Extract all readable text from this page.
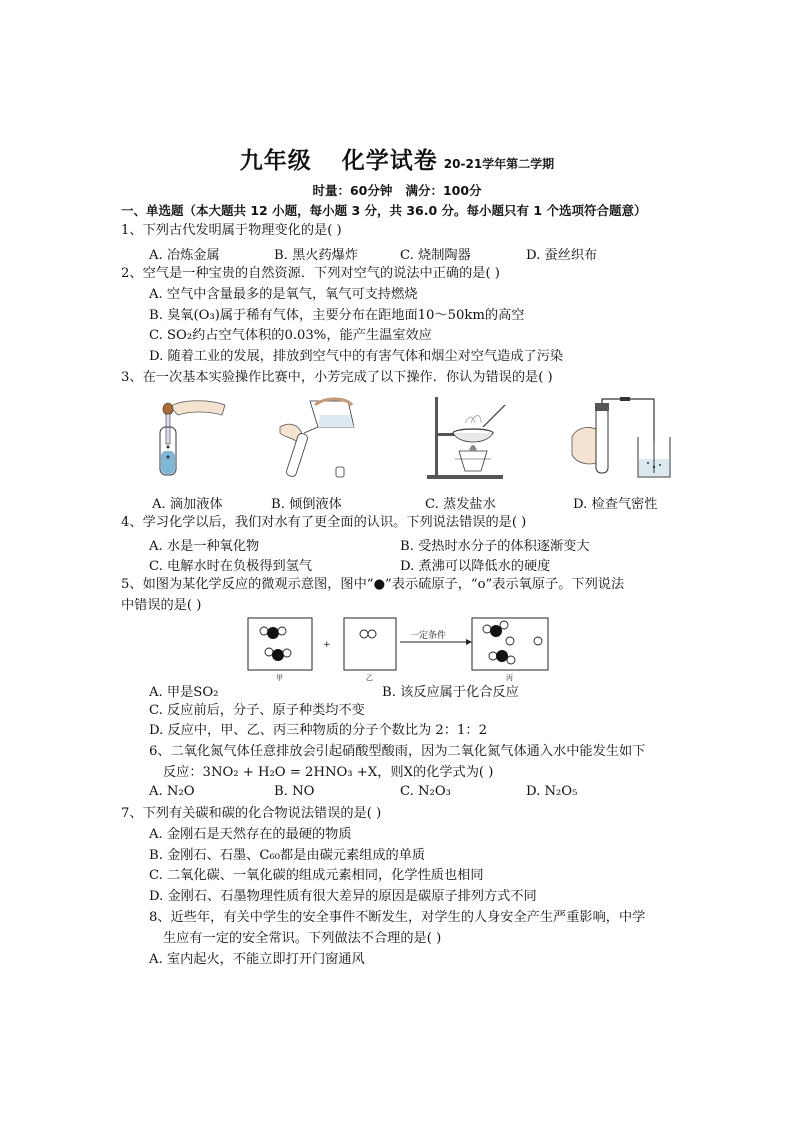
九年级 化学试卷 20-21学年第二学期
时量：60分钟 满分：100分
一、单选题（本大题共 12 小题，每小题 3 分，共 36.0 分。每小题只有 1 个选项符合题意）
1、下列古代发明属于物理变化的是( )
A. 冶炼金属	B. 黑火药爆炸	C. 烧制陶器	D. 蚕丝织布
2、空气是一种宝贵的自然资源．下列对空气的说法中正确的是( )
A. 空气中含量最多的是氧气，氧气可支持燃烧
B. 臭氧(O₃)属于稀有气体，主要分布在距地面10～50km的高空
C. SO₂约占空气体积的0.03%，能产生温室效应
D. 随着工业的发展，排放到空气中的有害气体和烟尘对空气造成了污染
3、在一次基本实验操作比赛中，小芳完成了以下操作．你认为错误的是( )
A. 滴加液体	B. 倾倒液体	C. 蒸发盐水	D. 检查气密性
4、学习化学以后，我们对水有了更全面的认识。下列说法错误的是( )
A. 水是一种氧化物	B. 受热时水分子的体积逐渐变大
C. 电解水时在负极得到氢气	D. 煮沸可以降低水的硬度
5、如图为某化学反应的微观示意图，图中“●”表示硫原子，“o”表示氧原子。下列说法
中错误的是( )
+
一定条件
甲	乙	丙
A. 甲是SO₂	B. 该反应属于化合反应
C. 反应前后，分子、原子种类均不变
D. 反应中，甲、乙、丙三种物质的分子个数比为 2：1：2
6、二氧化氮气体任意排放会引起硝酸型酸雨，因为二氧化氮气体通入水中能发生如下
反应：3NO₂ + H₂O = 2HNO₃ +X，则X的化学式为( )
A. N₂O	B. NO	C. N₂O₃	D. N₂O₅
7、下列有关碳和碳的化合物说法错误的是( )
A. 金刚石是天然存在的最硬的物质
B. 金刚石、石墨、C₆₀都是由碳元素组成的单质
C. 二氧化碳、一氧化碳的组成元素相同，化学性质也相同
D. 金刚石、石墨物理性质有很大差异的原因是碳原子排列方式不同
8、近些年，有关中学生的安全事件不断发生，对学生的人身安全产生严重影响，中学
生应有一定的安全常识。下列做法不合理的是( )
A. 室内起火，不能立即打开门窗通风
